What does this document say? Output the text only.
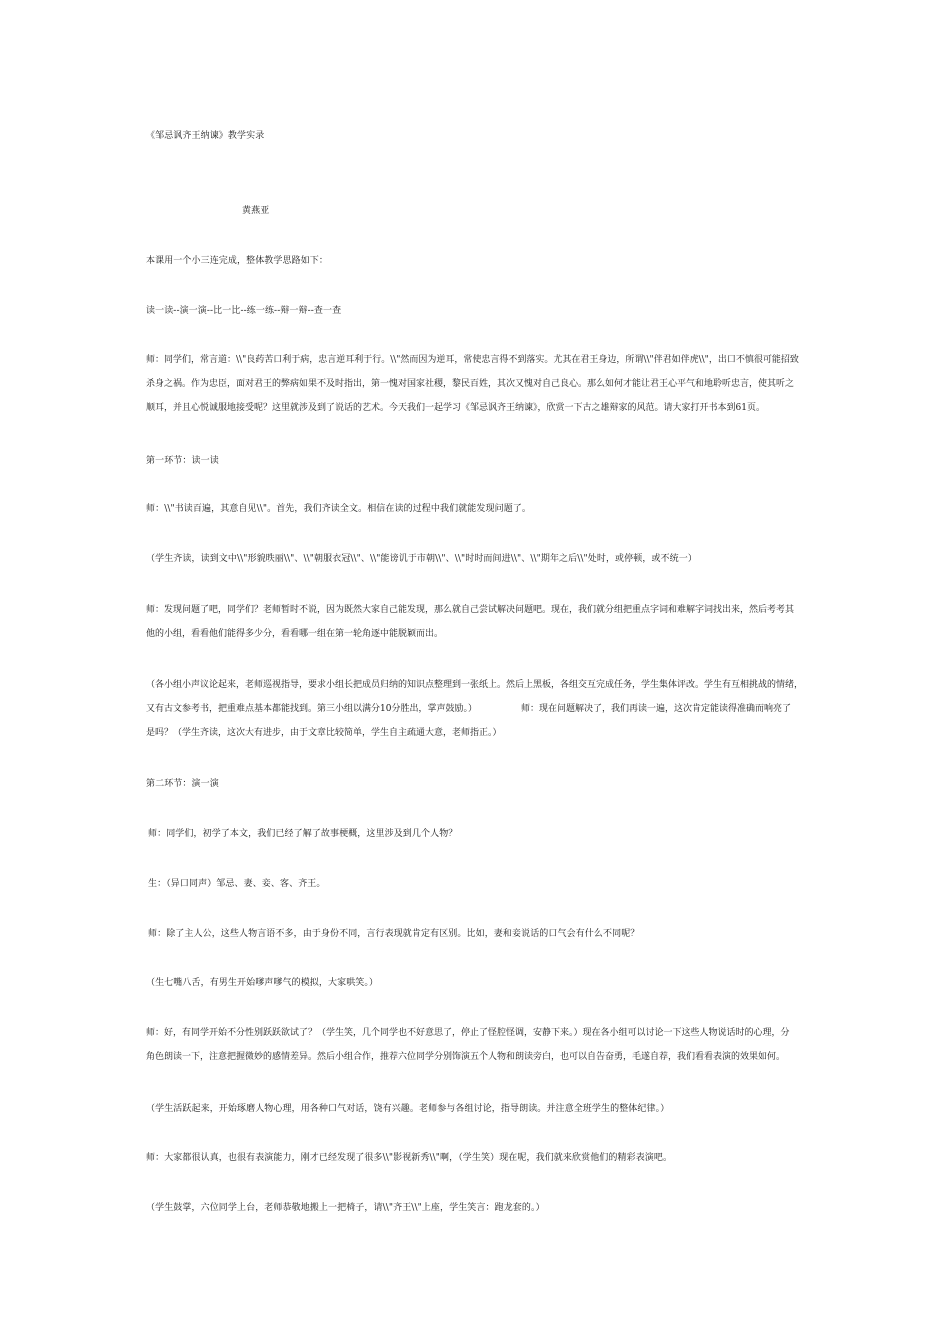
《邹忌讽齐王纳谏》教学实录
黄燕亚
本课用一个小三连完成，整体教学思路如下：
读一读--演一演--比一比--练一练--辩一辩--查一查
师：同学们，常言道：\\"良药苦口利于病，忠言逆耳利于行。\\"然而因为逆耳，常使忠言得不到落实。尤其在君王身边，所谓\\"伴君如伴虎\\"，出口不慎很可能招致
杀身之祸。作为忠臣，面对君王的弊病如果不及时指出，第一愧对国家社稷，黎民百姓，其次又愧对自己良心。那么如何才能让君王心平气和地聆听忠言，使其听之
顺耳，并且心悦诚服地接受呢？这里就涉及到了说话的艺术。今天我们一起学习《邹忌讽齐王纳谏》，欣赏一下古之雄辩家的风范。请大家打开书本到61页。
第一环节：读一读
师：\\"书读百遍，其意自见\\"。首先，我们齐读全文。相信在读的过程中我们就能发现问题了。
（学生齐读，读到文中\\"形貌昳丽\\"、\\"朝服衣冠\\"、\\"能谤讥于市朝\\"、\\"时时而间进\\"、\\"期年之后\\"处时，或停顿，或不统一）
师：发现问题了吧，同学们？老师暂时不说，因为既然大家自己能发现，那么就自己尝试解决问题吧。现在，我们就分组把重点字词和难解字词找出来，然后考考其
他的小组，看看他们能得多少分，看看哪一组在第一轮角逐中能脱颖而出。
（各小组小声议论起来，老师巡视指导，要求小组长把成员归纳的知识点整理到一张纸上。然后上黑板，各组交互完成任务，学生集体评改。学生有互相挑战的情绪，
又有古文参考书，把重难点基本都能找到。第三小组以满分10分胜出，掌声鼓励。）	师：现在问题解决了，我们再读一遍，这次肯定能读得准确而响亮了
是吗？（学生齐读，这次大有进步，由于文章比较简单，学生自主疏通大意，老师指正。）
第二环节：演一演
师：同学们，初学了本文，我们已经了解了故事梗概，这里涉及到几个人物？
生：（异口同声）邹忌、妻、妾、客、齐王。
师：除了主人公，这些人物言语不多，由于身份不同，言行表现就肯定有区别。比如，妻和妾说话的口气会有什么不同呢？
（生七嘴八舌，有男生开始嗲声嗲气的模拟，大家哄笑。）
师：好，有同学开始不分性别跃跃欲试了？（学生笑，几个同学也不好意思了，停止了怪腔怪调，安静下来。）现在各小组可以讨论一下这些人物说话时的心理，分
角色朗读一下，注意把握微妙的感情差异。然后小组合作，推荐六位同学分别饰演五个人物和朗读旁白，也可以自告奋勇，毛遂自荐，我们看看表演的效果如何。
（学生活跃起来，开始琢磨人物心理，用各种口气对话，饶有兴趣。老师参与各组讨论，指导朗读。并注意全班学生的整体纪律。）
师：大家都很认真，也很有表演能力，刚才已经发现了很多\\"影视新秀\\"啊，（学生笑）现在呢，我们就来欣赏他们的精彩表演吧。
（学生鼓掌，六位同学上台，老师恭敬地搬上一把椅子，请\\"齐王\\"上座，学生笑言：跑龙套的。）
